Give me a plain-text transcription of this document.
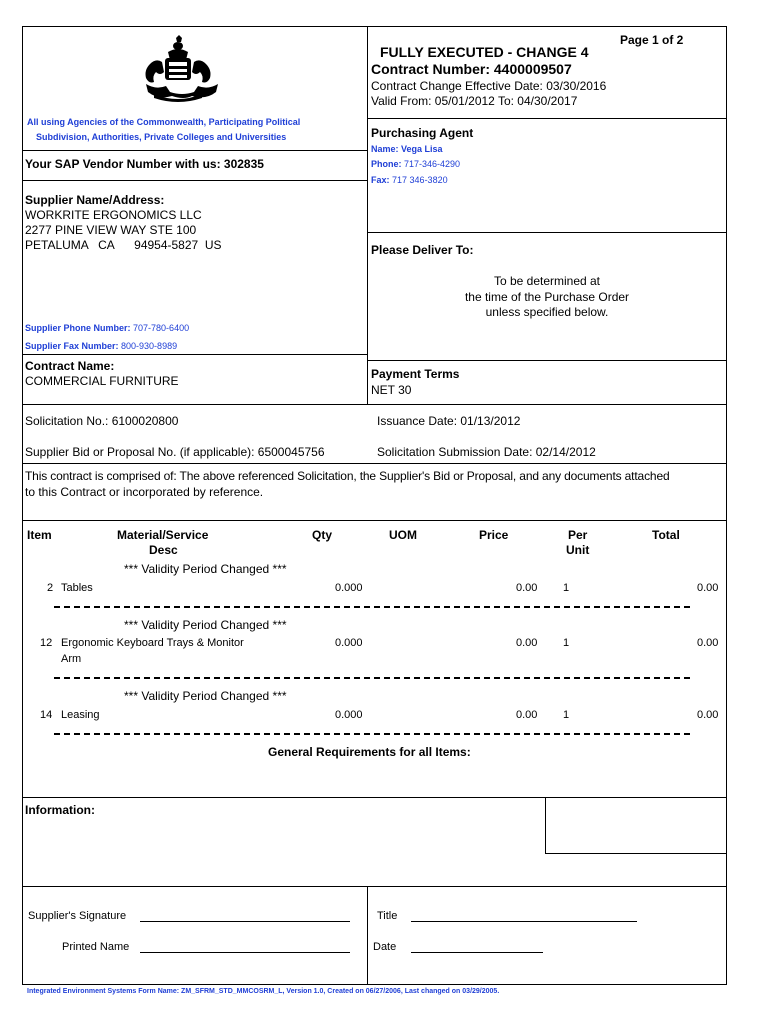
Page 1 of 2
FULLY EXECUTED - CHANGE 4
Contract Number: 4400009507
Contract Change Effective Date: 03/30/2016
Valid From: 05/01/2012 To: 04/30/2017
All using Agencies of the Commonwealth, Participating Political
Subdivision, Authorities, Private Colleges and Universities	Purchasing Agent
Name: Vega Lisa
Phone: 717-346-4290
Fax: 717 346-3820
Your SAP Vendor Number with us: 302835
Supplier Name/Address:
WORKRITE ERGONOMICS LLC
2277 PINE VIEW WAY STE 100
PETALUMA   CA      94954-5827  US
Supplier Phone Number: 707-780-6400
Supplier Fax Number: 800-930-8989
Please Deliver To:
To be determined at
the time of the Purchase Order
unless specified below.
Contract Name:
COMMERCIAL FURNITURE	Payment Terms
NET 30
Solicitation No.: 6100020800	Issuance Date: 01/13/2012
Supplier Bid or Proposal No. (if applicable): 6500045756	Solicitation Submission Date: 02/14/2012
This contract is comprised of: The above referenced Solicitation, the Supplier's Bid or Proposal, and any documents attached
to this Contract or incorporated by reference.
Item	Material/Service
Desc
Qty	UOM	Price	Per
Unit
Total
*** Validity Period Changed ***
2 Tables	0.000	0.00 1	0.00
*** Validity Period Changed ***
12 Ergonomic Keyboard Trays & Monitor
Arm
0.000	0.00 1	0.00
*** Validity Period Changed ***
14 Leasing	0.000	0.00 1	0.00
General Requirements for all Items:
Information:
Supplier's Signature
Printed Name
Title
Date
Integrated Environment Systems Form Name: ZM_SFRM_STD_MMCOSRM_L, Version 1.0, Created on 06/27/2006, Last changed on 03/29/2005.
